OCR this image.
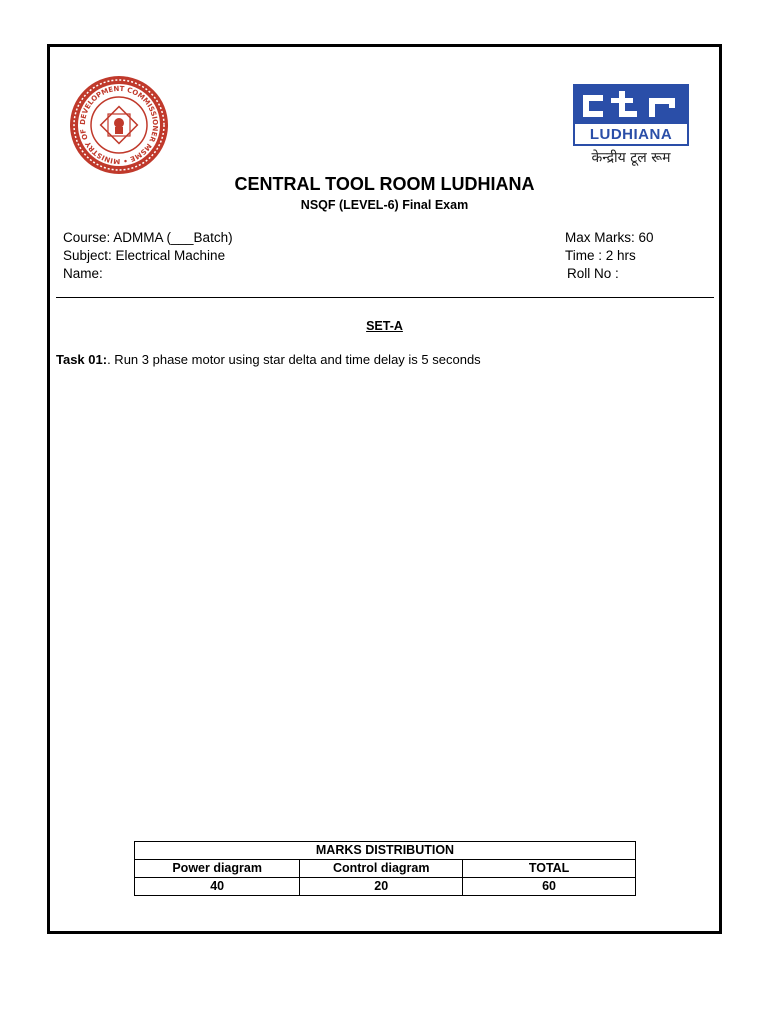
DEVELOPMENT COMMISSIONER MSME • MINISTRY OF	LUDHIANA
केन्द्रीय टूल रूम
CENTRAL TOOL ROOM LUDHIANA
NSQF (LEVEL-6) Final Exam
Course: ADMMA (___Batch)
Subject: Electrical Machine
Name:
Max Marks: 60
Time : 2 hrs
Roll No :
SET-A
Task 01:. Run 3 phase motor using star delta and time delay is 5 seconds
MARKS DISTRIBUTION		
Power diagram	Control diagram	TOTAL
40	20	60
